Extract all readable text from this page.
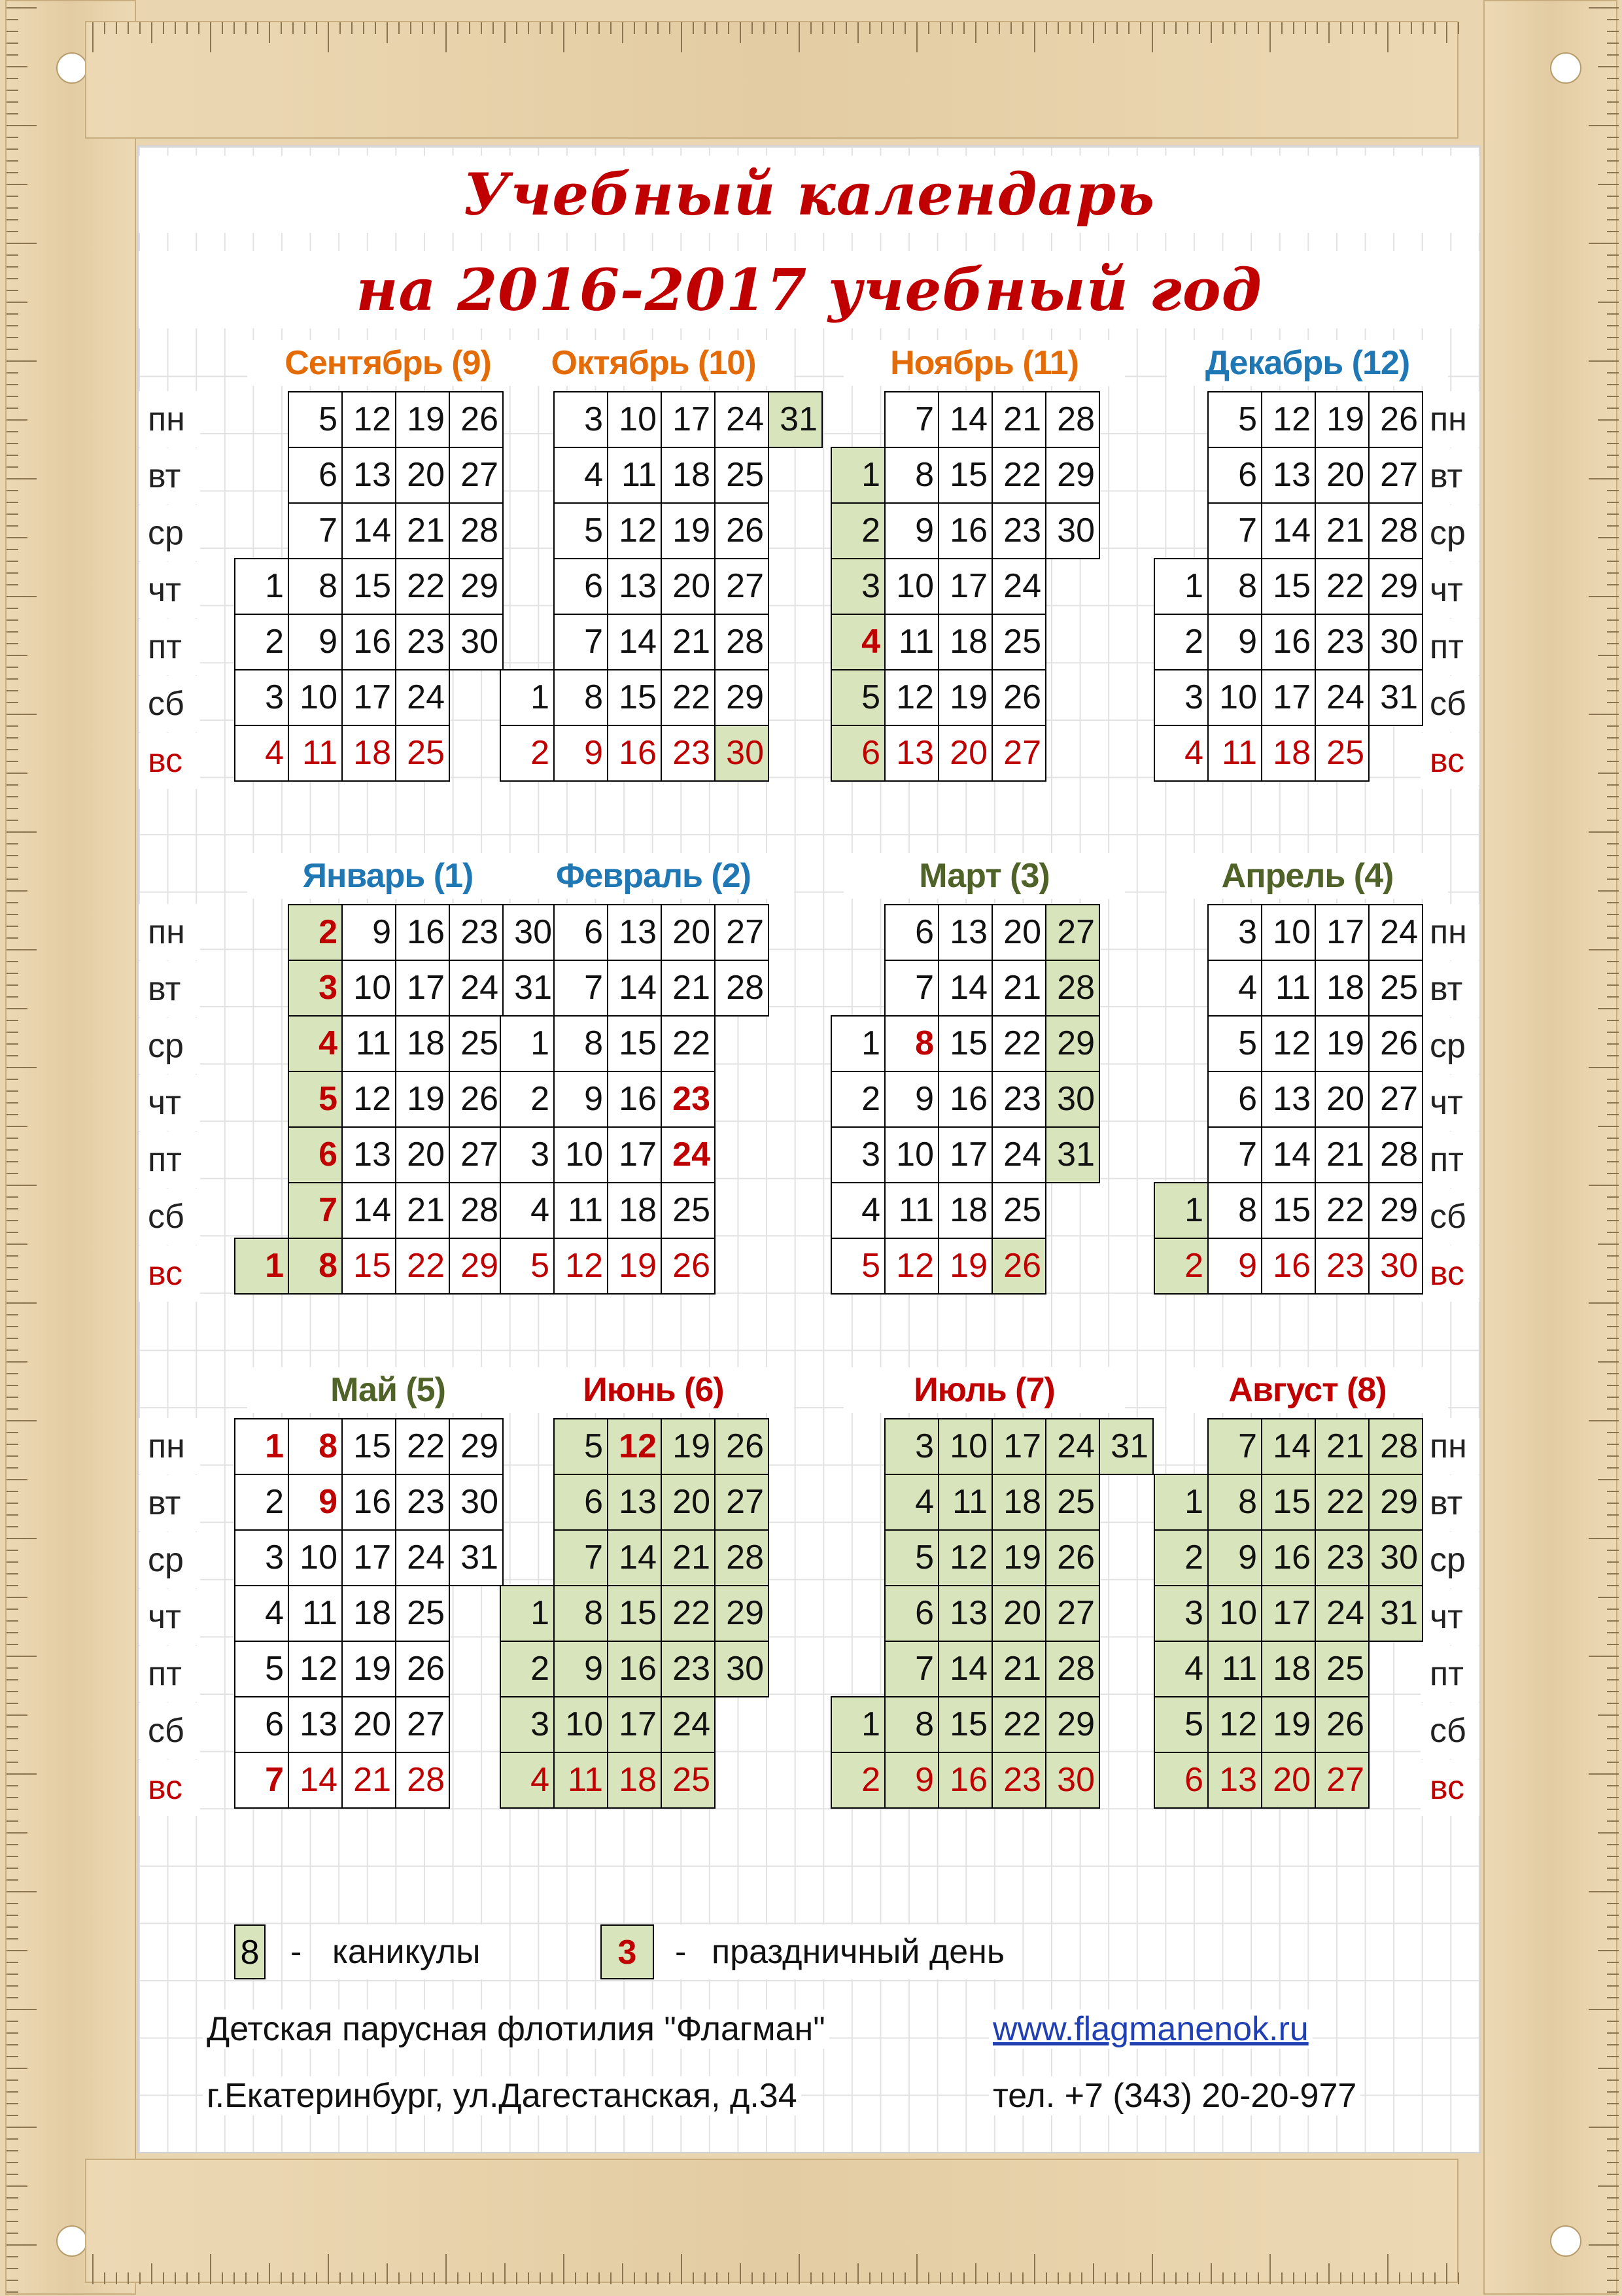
Учебный календарь
на 2016-2017 учебный год
пн
вт
ср
чт
пт
сб
вс
пн
вт
ср
чт
пт
сб
вс
Сентябрь (9)
	5	12	19	26
	6	13	20	27
	7	14	21	28
1	8	15	22	29
2	9	16	23	30
3	10	17	24	
4	11	18	25	
Октябрь (10)
	3	10	17	24	31
	4	11	18	25	
	5	12	19	26	
	6	13	20	27	
	7	14	21	28	
1	8	15	22	29	
2	9	16	23	30	
Ноябрь (11)
	7	14	21	28
1	8	15	22	29
2	9	16	23	30
3	10	17	24	
4	11	18	25	
5	12	19	26	
6	13	20	27	
Декабрь (12)
	5	12	19	26
	6	13	20	27
	7	14	21	28
1	8	15	22	29
2	9	16	23	30
3	10	17	24	31
4	11	18	25	
пн
вт
ср
чт
пт
сб
вс
пн
вт
ср
чт
пт
сб
вс
Январь (1)
	2	9	16	23	30
	3	10	17	24	31
	4	11	18	25	
	5	12	19	26	
	6	13	20	27	
	7	14	21	28	
1	8	15	22	29	
Февраль (2)
	6	13	20	27
	7	14	21	28
1	8	15	22	
2	9	16	23	
3	10	17	24	
4	11	18	25	
5	12	19	26	
Март (3)
	6	13	20	27
	7	14	21	28
1	8	15	22	29
2	9	16	23	30
3	10	17	24	31
4	11	18	25	
5	12	19	26	
Апрель (4)
	3	10	17	24
	4	11	18	25
	5	12	19	26
	6	13	20	27
	7	14	21	28
1	8	15	22	29
2	9	16	23	30
пн
вт
ср
чт
пт
сб
вс
пн
вт
ср
чт
пт
сб
вс
Май (5)
1	8	15	22	29
2	9	16	23	30
3	10	17	24	31
4	11	18	25	
5	12	19	26	
6	13	20	27	
7	14	21	28	
Июнь (6)
	5	12	19	26
	6	13	20	27
	7	14	21	28
1	8	15	22	29
2	9	16	23	30
3	10	17	24	
4	11	18	25	
Июль (7)
	3	10	17	24	31
	4	11	18	25	
	5	12	19	26	
	6	13	20	27	
	7	14	21	28	
1	8	15	22	29	
2	9	16	23	30	
Август (8)
	7	14	21	28
1	8	15	22	29
2	9	16	23	30
3	10	17	24	31
4	11	18	25	
5	12	19	26	
6	13	20	27	
8 - каникулы	3	- праздничный день
Детская парусная флотилия "Флагман"	www.flagmanenok.ru
г.Екатеринбург, ул.Дагестанская, д.34	тел. +7 (343) 20-20-977
